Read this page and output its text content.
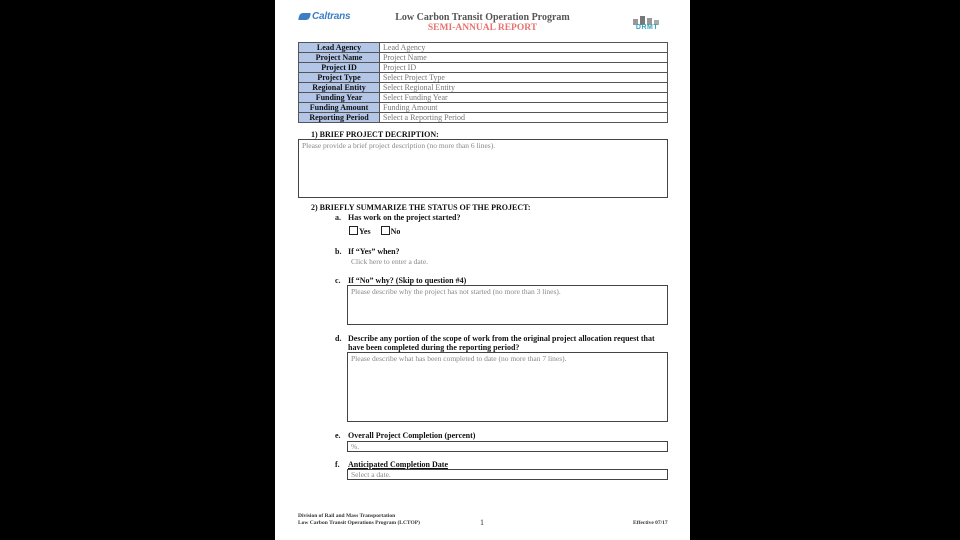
Caltrans	Low Carbon Transit Operation Program
SEMI-ANNUAL REPORT	DRMT
Lead Agency	Lead Agency
Project Name	Project Name
Project ID	Project ID
Project Type	Select Project Type
Regional Entity	Select Regional Entity
Funding Year	Select Funding Year
Funding Amount	Funding Amount
Reporting Period	Select a Reporting Period
1) BRIEF PROJECT DECRIPTION:
Please provide a brief project description (no more than 6 lines).
2) BRIEFLY SUMMARIZE THE STATUS OF THE PROJECT:
a. Has work on the project started?
Yes	No
b. If “Yes” when?
Click here to enter a date.
c. If “No” why? (Skip to question #4)
Please describe why the project has not started (no more than 3 lines).
d. Describe any portion of the scope of work from the original project allocation request that
have been completed during the reporting period?
Please describe what has been completed to date (no more than 7 lines).
e. Overall Project Completion (percent)
%.
f. Anticipated Completion Date
Select a date.
Division of Rail and Mass Transportation
Low Carbon Transit Operations Program (LCTOP)	1	Effective 07/17
